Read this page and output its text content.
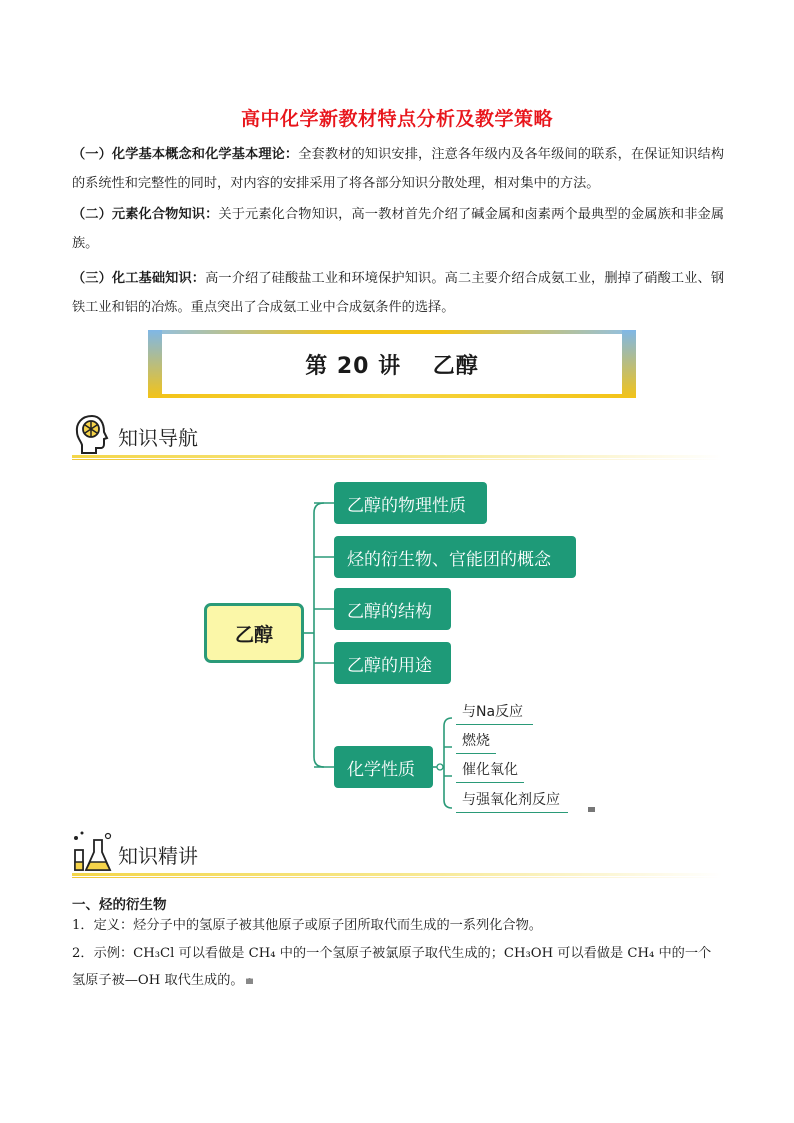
高中化学新教材特点分析及教学策略
（一）化学基本概念和化学基本理论：全套教材的知识安排，注意各年级内及各年级间的联系，在保证知识结构的系统性和完整性的同时，对内容的安排采用了将各部分知识分散处理，相对集中的方法。
（二）元素化合物知识：关于元素化合物知识，高一教材首先介绍了碱金属和卤素两个最典型的金属族和非金属族。
（三）化工基础知识：高一介绍了硅酸盐工业和环境保护知识。高二主要介绍合成氨工业，删掉了硝酸工业、钢铁工业和铝的冶炼。重点突出了合成氨工业中合成氨条件的选择。
第 20 讲　 乙醇
知识导航
乙醇
乙醇的物理性质
烃的衍生物、官能团的概念
乙醇的结构
乙醇的用途
化学性质
与Na反应
燃烧
催化氧化
与强氧化剂反应
知识精讲
一、烃的衍生物
1．定义：烃分子中的氢原子被其他原子或原子团所取代而生成的一系列化合物。
2．示例：CH₃Cl 可以看做是 CH₄ 中的一个氢原子被氯原子取代生成的；CH₃OH 可以看做是 CH₄ 中的一个氢原子被—OH 取代生成的。
